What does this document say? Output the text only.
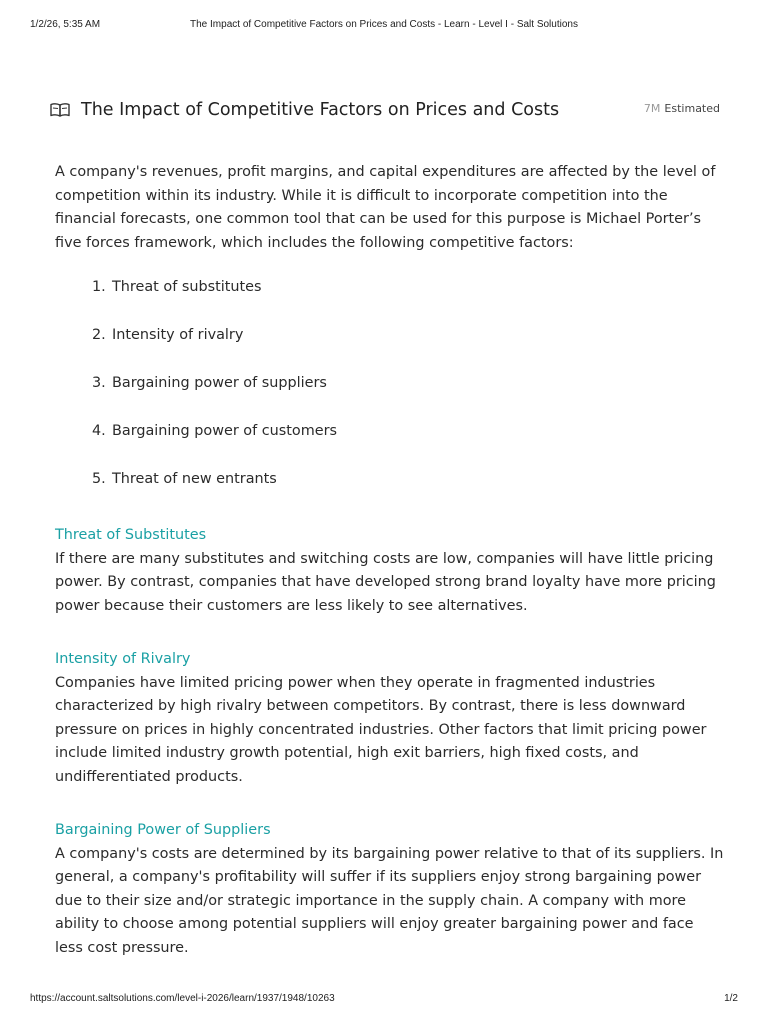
1/2/26, 5:35 AM	The Impact of Competitive Factors on Prices and Costs - Learn - Level I - Salt Solutions
The Impact of Competitive Factors on Prices and Costs	7M Estimated

A company's revenues, profit margins, and capital expenditures are affected by the level of competition within its industry. While it is difficult to incorporate competition into the financial forecasts, one common tool that can be used for this purpose is Michael Porter’s five forces framework, which includes the following competitive factors:

1. Threat of substitutes
2. Intensity of rivalry
3. Bargaining power of suppliers
4. Bargaining power of customers
5. Threat of new entrants
Threat of Substitutes

If there are many substitutes and switching costs are low, companies will have little pricing power. By contrast, companies that have developed strong brand loyalty have more pricing power because their customers are less likely to see alternatives.

Intensity of Rivalry

Companies have limited pricing power when they operate in fragmented industries characterized by high rivalry between competitors. By contrast, there is less downward pressure on prices in highly concentrated industries. Other factors that limit pricing power include limited industry growth potential, high exit barriers, high fixed costs, and undifferentiated products.

Bargaining Power of Suppliers

A company's costs are determined by its bargaining power relative to that of its suppliers. In general, a company's profitability will suffer if its suppliers enjoy strong bargaining power due to their size and/or strategic importance in the supply chain. A company with more ability to choose among potential suppliers will enjoy greater bargaining power and face less cost pressure.

https://account.saltsolutions.com/level-i-2026/learn/1937/1948/10263	1/2
